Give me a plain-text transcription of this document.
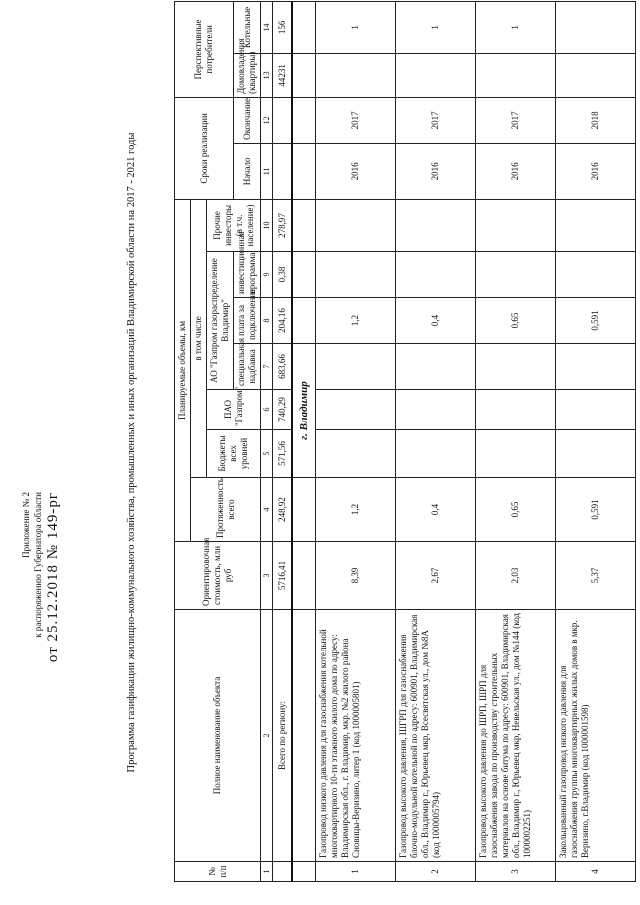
Приложение № 2 к распоряжению Губернатора области от 25.12.2018 № 149-рг	Программа газификации жилищно-коммунального хозяйства, промышленных и иных организаций Владимирской области на 2017 - 2021 годы
№ п/п	Полное наименование объекта	Ориентировочная стоимость, млн руб	Планируемые объемы, км							Сроки реализации		Перспективные потребители	
			Протяженность всего	в том числе									
				Бюджеты всех уровней	ПАО "Газпром"	АО "Газпром газораспределение Владимир"			Прочие инвесторы (в т.ч. население)				
						специальная надбавка	плата за подключение	инвестиционная программа		Начало	Окончание	Домовладения (квартиры)	Котельные
1	2	3	4	5	6	7	8	9	10	11	12	13	14
	Всего по региону:	5716,41	248,92	571,56	740,29	683,66	204,16	0,38	278,97			44231	156
				г. Владимир									
1	Газопровод низкого давления для газоснабжения котельной многоквартирного 10-ти этажного жилого дома по адресу: Владимирская обл., г. Владимир, мкр. №2 жилого района Сновицы-Веризино, литер 1 (код 1000005801)	8,39	1,2				1,2			2016	2017		1
2	Газопровод высокого давления, ШГРП для газоснабжения блочно-модульной котельной по адресу: 600901, Владимирская обл., Владимир г., Юрьевец мкр, Всесвятская ул., дом №8А (код 1000005794)	2,67	0,4				0,4			2016	2017		1
3	Газопровод высокого давления до ШРП, ШРП для газоснабжения завода по производству строительных материалов на основе битума по адресу: 600901, Владимирская обл., Владимир г., Юрьевец мкр, Невельская ул., дом №144 (код 1000002251)	2,03	0,65				0,65			2016	2017		1
4	Закольцованный газопровод низкого давления для газоснабжения группы многоквартирных жилых домов в мкр. Веризино, г.Владимир (код 1000001598)	5,37	0,591				0,591			2016	2018		
